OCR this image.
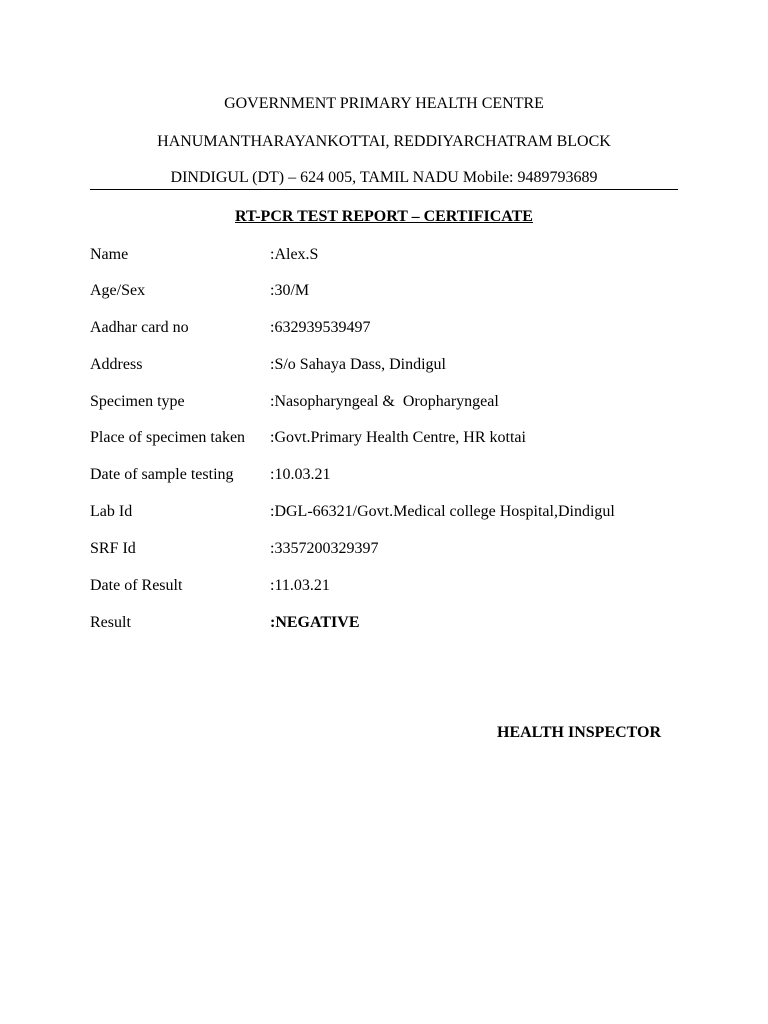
GOVERNMENT PRIMARY HEALTH CENTRE
HANUMANTHARAYANKOTTAI, REDDIYARCHATRAM BLOCK
DINDIGUL (DT) – 624 005, TAMIL NADU Mobile: 9489793689
RT-PCR TEST REPORT – CERTIFICATE
Name	:Alex.S
Age/Sex	:30/M
Aadhar card no	:632939539497
Address	:S/o Sahaya Dass, Dindigul
Specimen type	:Nasopharyngeal &  Oropharyngeal
Place of specimen taken :Govt.Primary Health Centre, HR kottai
Date of sample testing :10.03.21
Lab Id	:DGL-66321/Govt.Medical college Hospital,Dindigul
SRF Id	:3357200329397
Date of Result	:11.03.21
Result	:NEGATIVE
HEALTH INSPECTOR
